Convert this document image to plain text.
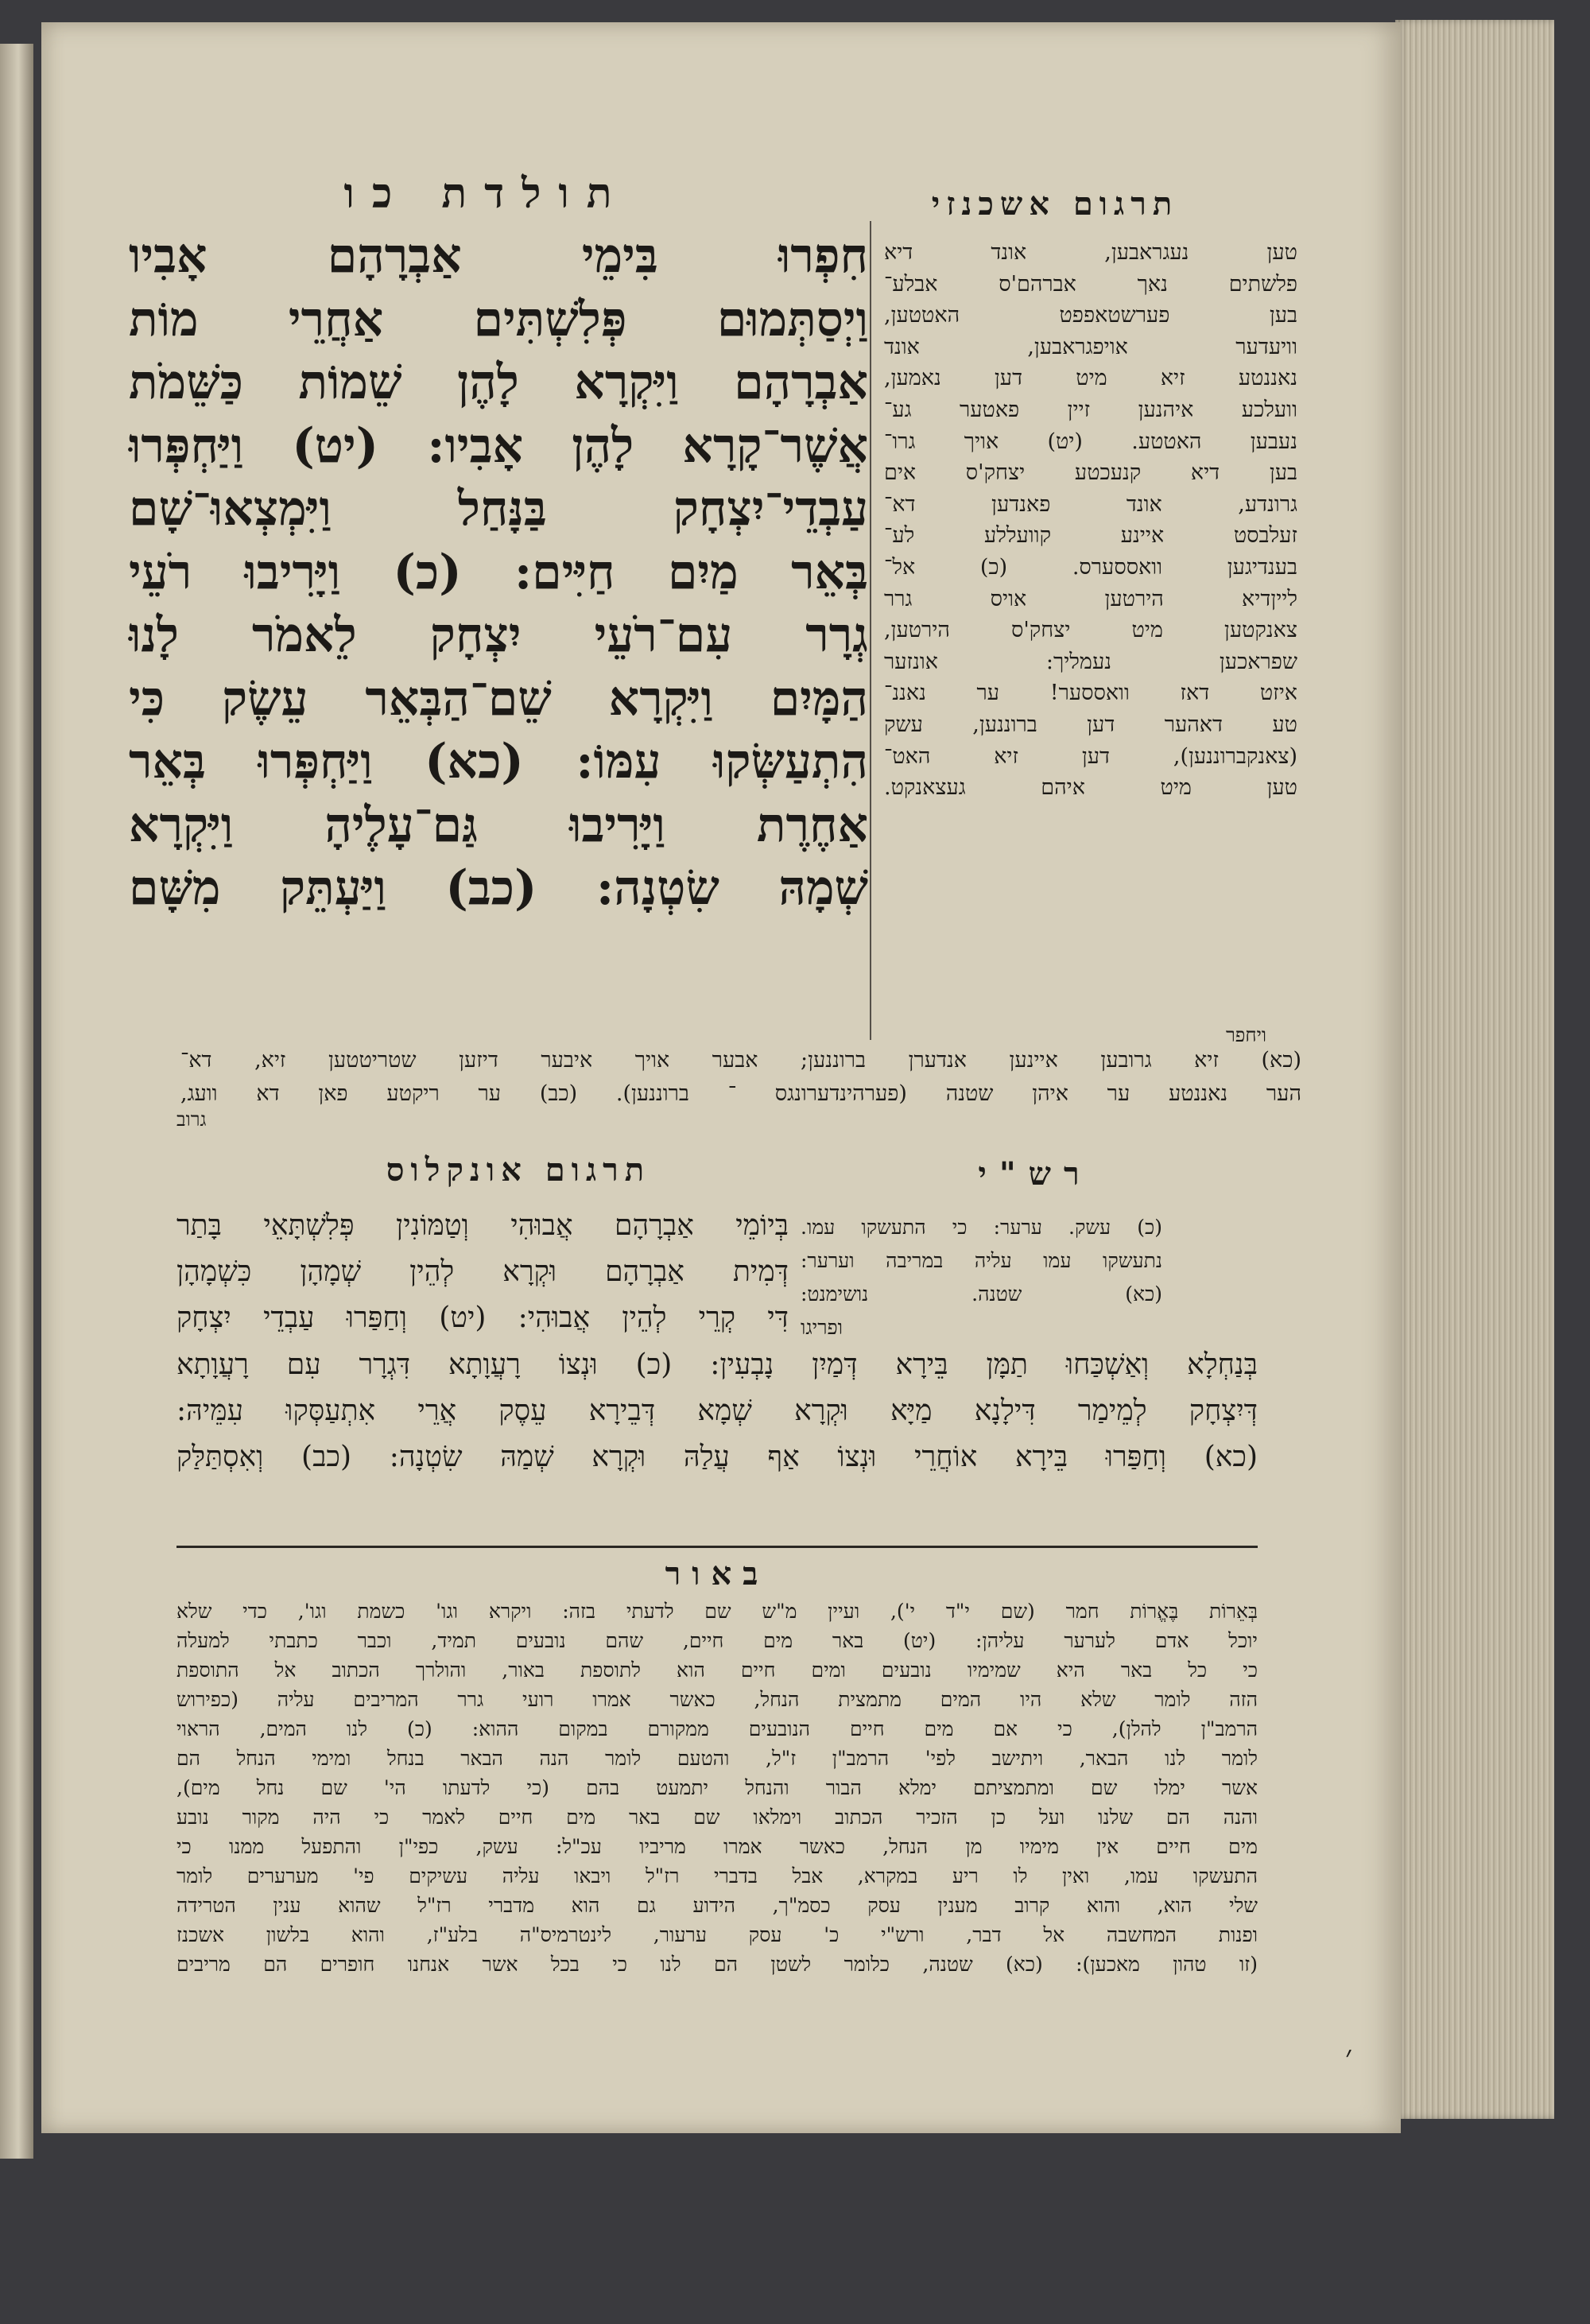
תולדת כו	תרגום אשכנזי
חִפְרוּ בִּימֵי אַבְרָהָם אָבִיו
וַיְסַתְּמוּם פְּלִשְׁתִּים אַחֲרֵי מוֹת
אַבְרָהָם וַיִּקְרָא לָהֶן שֵׁמוֹת כַּשֵּׁמֹת
אֲשֶׁר־קָרָא לָהֶן אָבִיו: (יט) וַיַּחְפְּרוּ
עַבְדֵי־יִצְחָק בַּנָּחַל וַיִּמְצְאוּ־שָׁם
בְּאֵר מַיִם חַיִּים: (כ) וַיָּרִיבוּ רֹעֵי
גְרָר עִם־רֹעֵי יִצְחָק לֵאמֹר לָנוּ
הַמָּיִם וַיִּקְרָא שֵׁם־הַבְּאֵר עֵשֶׂק כִּי
הִתְעַשְּׂקוּ עִמּוֹ: (כא) וַיַּחְפְּרוּ בְּאֵר
אַחֶרֶת וַיָּרִיבוּ גַּם־עָלֶיהָ וַיִּקְרָא
שְׁמָהּ שִׂטְנָה: (כב) וַיַּעְתֵּק מִשָּׁם
טען נעגראבען, אונד דיא
פלשתים נאך אברהם'ס אבלע־
בען פערשטאפפט האטטען,
וויעדער אויפגראבען, אונד
נאננטע זיא מיט דען נאמען,
וועלכע איהנען זיין פאטער גע־
נעבען האטטע. (יט) אויך גרו־
בען דיא קנעכטע יצחק'ס אים
גרונדע, אונד פאנדען דא־
זעלבסט איינע קוועללע לע־
בענדיגען וואססערס. (כ) אל־
לייןדיא הירטען אויס גרר
צאנקטען מיט יצחק'ס הירטען,
שפראכען נעמליך: אונזער
איזט דאז וואססער! ער נאננ־
טע דאהער דען ברוננען, עשק
(צאנקברוננען), דען זיא האט־
טען מיט איהם געצאנקט.
ויחפר
(כא) זיא גרובען איינען אנדערן ברוננען; אבער אויך איבער דיזען שטריטטען זיא, דא־
הער נאננטע ער איהן שטנה (פערהינדערונגס ־ ברוננען). (כב) ער ריקטע פאן דא וועג,
גרוב
תרגום אונקלוס	רש"י
בְּיוֹמֵי אַבְרָהָם אֲבוּהִי וְטַמּוֹנִין פְּלִשְׁתָּאֵי בָּתַר
דְּמִית אַבְרָהָם וּקְרָא לְהֵין שְׁמָהָן כִּשְׁמָהָן
דִּי קְרֵי לְהֵין אֲבוּהִי: (יט) וְחַפַּרוּ עַבְדֵי יִצְחָק
(כ) עשק. ערער: כי התעשקו עמו.
נתעשקו עמו עליה במריבה וערער:
(כא) שטנה. נושימנט:
ופריגו
בְּנַחְלָא וְאַשְׁכַּחוּ תַמָּן בֵּירָא דְּמַיִן נָבְעִין: (כ) וּנְצוֹ רָעֲוָתָא דִּגְרָר עִם רָעֲוָתָא
דְּיִצְחָק לְמֵימַר דִּילָנָא מַיָּא וּקְרָא שְׁמָא דְּבֵירָא עֵסֶק אֲרֵי אִתְעַסְּקוּ עִמֵּיהּ:
(כא) וְחַפַּרוּ בֵּירָא אוֹחֲרֵי וּנְצוֹ אַף עֲלַהּ וּקְרָא שְׁמַהּ שִׂטְנָה: (כב) וְאִסְתַּלַּק
באור
בְּאֵרוֹת בֶּאֱרוֹת חמר (שם י"ד י'), ועיין מ"ש שם לדעתי בזה: ויקרא וגו' כשמת וגו', כדי שלא
יוכל אדם לערער עליהן: (יט) באר מים חיים, שהם נובעים תמיד, וכבר כתבתי למעלה
כי כל באר היא שמימיו נובעים ומים חיים הוא לתוספת באור, והולרך הכתוב אל התוספת
הזה לומר שלא היו המים מתמצית הנחל, כאשר אמרו רועי גרר המריבים עליה (כפירוש
הרמב"ן להלן), כי אם מים חיים הנובעים ממקורם במקום ההוא: (כ) לנו המים, הראוי
לומר לנו הבאר, ויתישב לפי' הרמב"ן ז"ל, והטעם לומר הנה הבאר בנחל ומימי הנחל הם
אשר ימלו שם ומתמציתם ימלא הבור והנחל יתמעט בהם (כי לדעתו הי' שם נחל מים),
והנה הם שלנו ועל כן הזכיר הכתוב וימלאו שם באר מים חיים לאמר כי היה מקור נובע
מים חיים אין מימיו מן הנחל, כאשר אמרו מריביו עכ"ל: עשק, כפי"ן והתפעל ממנו כי
התעשקו עמו, ואין לו ריע במקרא, אבל בדברי רז"ל ויבאו עליה עשיקים פי' מערערים לומר
שלי הוא, והוא קרוב מענין עסק כסמ"ך, הידוע גם הוא מדברי רז"ל שהוא ענין הטרידה
ופנות המחשבה אל דבר, ורש"י כ' עסק ערעור, לינטרמיס"ה בלע"ז, והוא בלשון אשכנז
(זו טהון מאכען): (כא) שטנה, כלומר לשטן הם לנו כי בכל אשר אנחנו חופרים הם מריבים
׳
